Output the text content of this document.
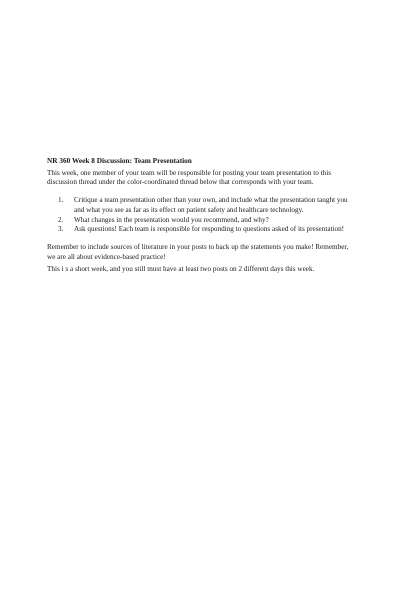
NR 360 Week 8 Discussion: Team Presentation

This week, one member of your team will be responsible for posting your team presentation to this discussion thread under the color-coordinated thread below that corresponds with your team.

1. Critique a team presentation other than your own, and include what the presentation taught you and what you see as far as its effect on patient safety and healthcare technology.
2. What changes in the presentation would you recommend, and why?
3. Ask questions! Each team is responsible for responding to questions asked of its presentation!

Remember to include sources of literature in your posts to back up the statements you make! Remember, we are all about evidence-based practice!

This i s a short week, and you still must have at least two posts on 2 different days this week.
